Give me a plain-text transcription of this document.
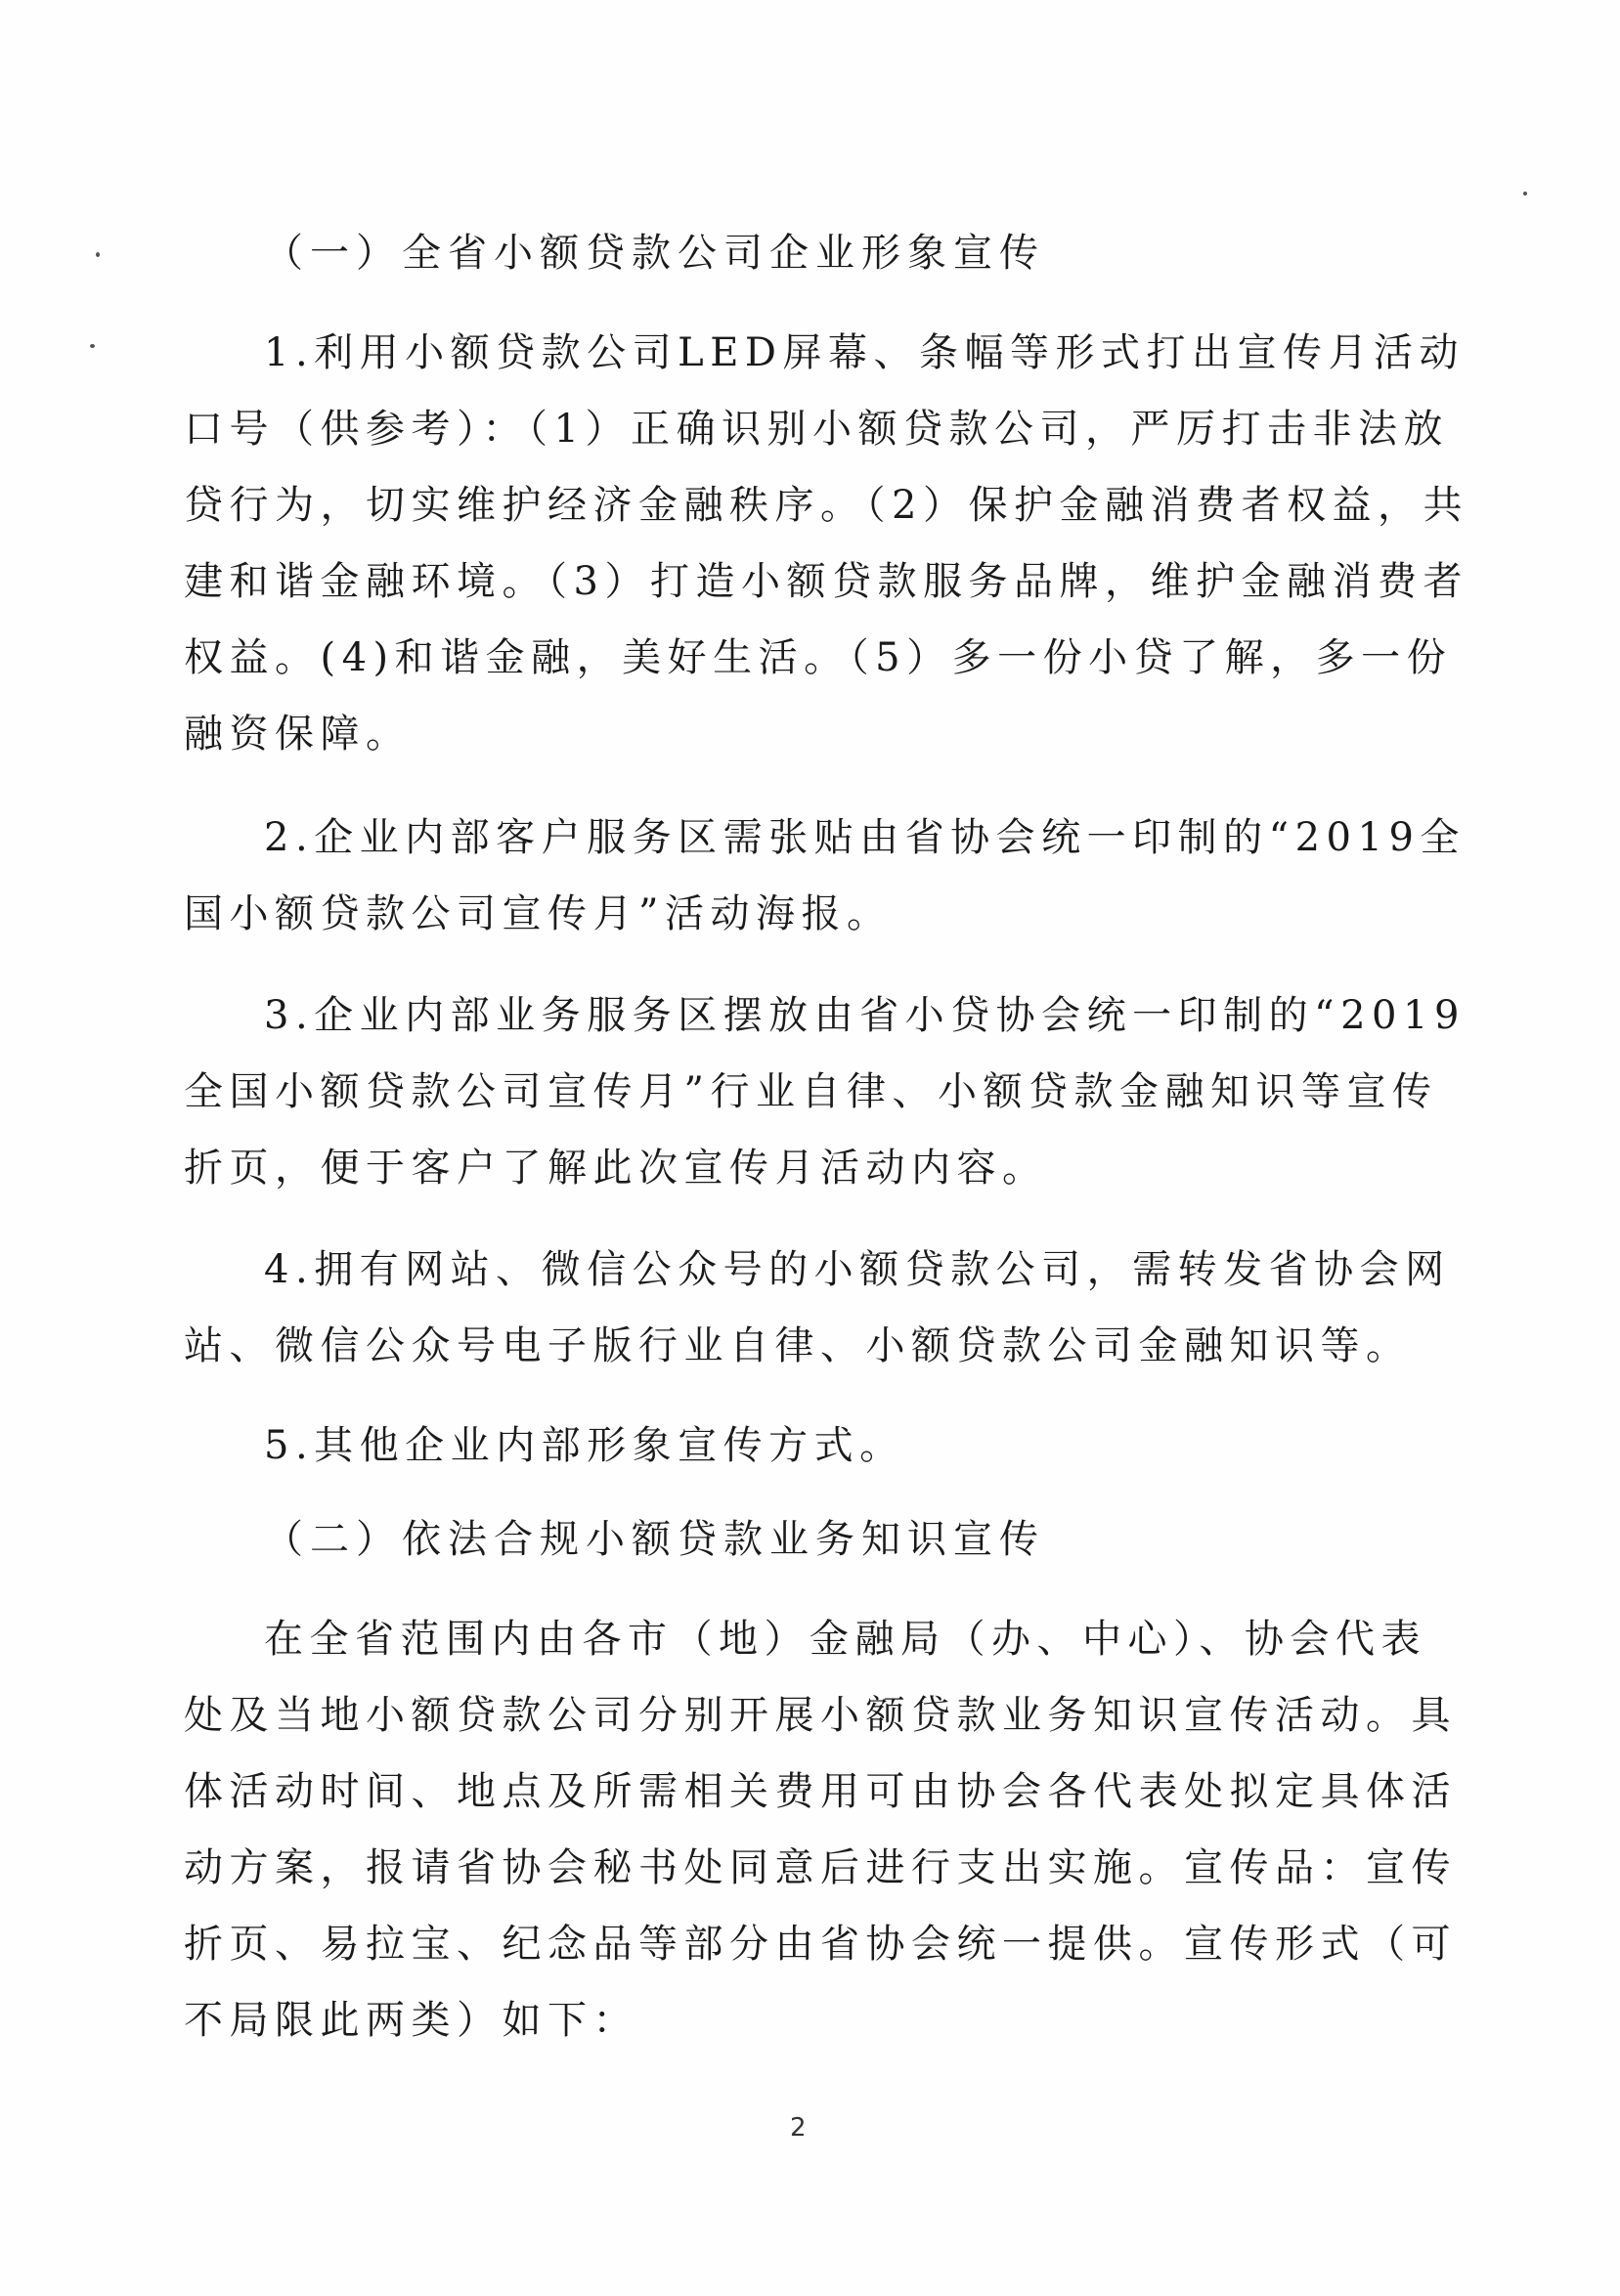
（一）全省小额贷款公司企业形象宣传
1.利用小额贷款公司LED屏幕、条幅等形式打出宣传月活动
口号（供参考）：（1）正确识别小额贷款公司，严厉打击非法放
贷行为，切实维护经济金融秩序。（2）保护金融消费者权益，共
建和谐金融环境。（3）打造小额贷款服务品牌，维护金融消费者
权益。(4)和谐金融，美好生活。（5）多一份小贷了解，多一份
融资保障。
2.企业内部客户服务区需张贴由省协会统一印制的“2019全
国小额贷款公司宣传月”活动海报。
3.企业内部业务服务区摆放由省小贷协会统一印制的“2019
全国小额贷款公司宣传月”行业自律、小额贷款金融知识等宣传
折页，便于客户了解此次宣传月活动内容。
4.拥有网站、微信公众号的小额贷款公司，需转发省协会网
站、微信公众号电子版行业自律、小额贷款公司金融知识等。
5.其他企业内部形象宣传方式。
（二）依法合规小额贷款业务知识宣传
在全省范围内由各市（地）金融局（办、中心）、协会代表
处及当地小额贷款公司分别开展小额贷款业务知识宣传活动。具
体活动时间、地点及所需相关费用可由协会各代表处拟定具体活
动方案，报请省协会秘书处同意后进行支出实施。宣传品：宣传
折页、易拉宝、纪念品等部分由省协会统一提供。宣传形式（可
不局限此两类）如下：
2
